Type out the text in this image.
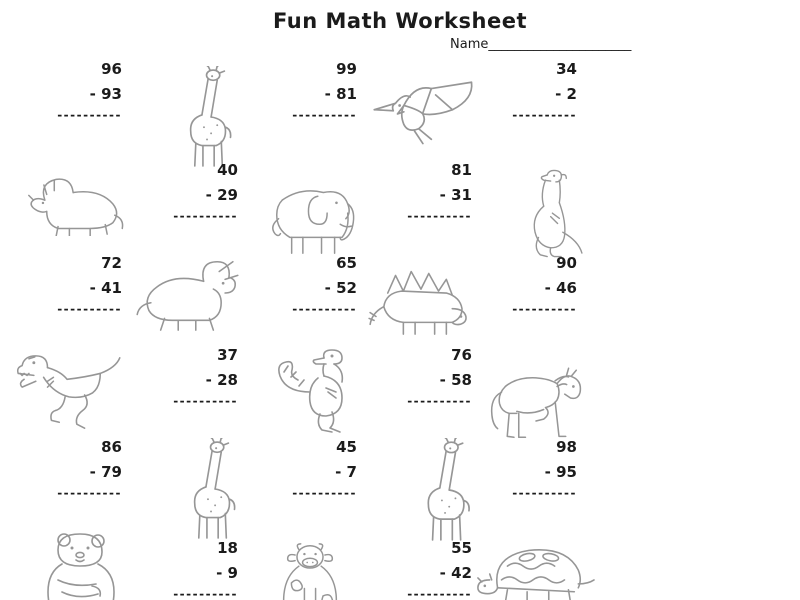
Fun Math Worksheet
Name______________________
96
- 93
----------
99
- 81
----------
34
- 2
----------
40
- 29
----------
81
- 31
----------
72
- 41
----------
65
- 52
----------
90
- 46
----------
37
- 28
----------
76
- 58
----------
86
- 79
----------
45
- 7
----------
98
- 95
----------
18
- 9
----------
55
- 42
----------
